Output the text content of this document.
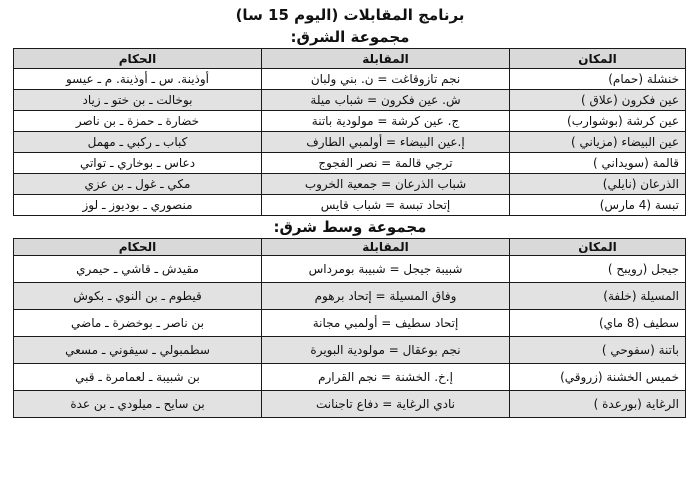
برنامج المقابلات (اليوم 15 سا)
مجموعة الشرق:
المكان	المقابلة	الحكام
خنشلة (حمام)	نجم تازوقاغت = ن. بني ولبان	أوذينة. س ـ أوذينة. م ـ عيسو
عين فكرون (علاق )	ش. عين فكرون = شباب ميلة	بوخالت ـ بن ختو ـ زياد
عين كرشة (بوشوارب)	ج. عين كرشة = مولودية باتنة	خضارة ـ حمزة ـ بن ناصر
عين البيضاء (مزياني )	إ.عين البيضاء = أولمبي الطارف	كباب ـ ركبي ـ مهمل
قالمة (سويداني )	ترجي قالمة = نصر الفجوج	دعاس ـ بوخاري ـ تواتي
الذرعان (نايلي)	شباب الذرعان = جمعية الخروب	مكي ـ غول ـ بن عزي
تبسة (4 مارس)	إتحاد تبسة = شباب قايس	منصوري ـ بوديوز ـ لوز
مجموعة وسط شرق:
المكان	المقابلة	الحكام
جيجل (رويبح )	شبيبة جيجل = شبيبة بومرداس	مقيدش ـ قاشي ـ حيمري
المسيلة (خلفة)	وفاق المسيلة = إتحاد برهوم	قيطوم ـ بن النوي ـ بكوش
سطيف (8 ماي)	إتحاد سطيف = أولمبي مجانة	بن ناصر ـ بوخضرة ـ ماضي
باتنة (سفوحي )	نجم بوعقال = مولودية البويرة	سطمبولي ـ سيفوني ـ مسعي
خميس الخشنة (زروقي)	إ.خ. الخشنة = نجم القرارم	بن شبيبة ـ لعمامرة ـ قبي
الرغاية (بورعدة )	نادي الرغاية = دفاع تاجنانت	بن سايح ـ ميلودي ـ بن عدة
